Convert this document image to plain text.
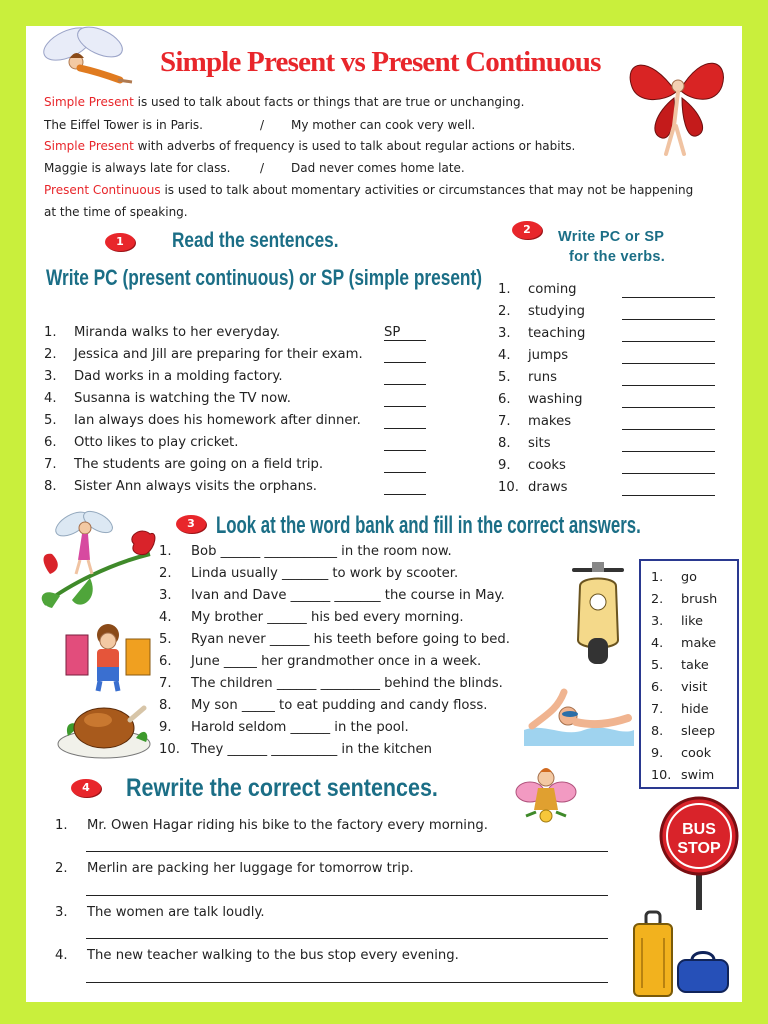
Simple Present vs Present Continuous
Simple Present is used to talk about facts or things that are true or unchanging.
The Eiffel Tower is in Paris.	/ My mother can cook very well.
Simple Present with adverbs of frequency is used to talk about regular actions or habits.
Maggie is always late for class. / Dad never comes home late.
Present Continuous is used to talk about momentary activities or circumstances that may not be happening
at the time of speaking.
1	Read the sentences.
Write PC (present continuous) or SP (simple present)
1. Miranda walks to her everyday.	SP
2. Jessica and Jill are preparing for their exam.
3. Dad works in a molding factory.
4. Susanna is watching the TV now.
5. Ian always does his homework after dinner.
6. Otto likes to play cricket.
7. The students are going on a field trip.
8. Sister Ann always visits the orphans.
2	Write PC or SP
for the verbs.
1. coming
2. studying
3. teaching
4. jumps
5. runs
6. washing
7. makes
8. sits
9. cooks
10. draws
3 Look at the word bank and fill in the correct answers.
1. Bob ______ ___________ in the room now.
2. Linda usually _______ to work by scooter.
3. Ivan and Dave ______ _______ the course in May.
4. My brother ______ his bed every morning.
5. Ryan never ______ his teeth before going to bed.
6. June _____ her grandmother once in a week.
7. The children ______ _________ behind the blinds.
8. My son _____ to eat pudding and candy floss.
9. Harold seldom ______ in the pool.
10. They ______ __________ in the kitchen
1. go
2. brush
3. like
4. make
5. take
6. visit
7. hide
8. sleep
9. cook
10. swim
4	Rewrite the correct sentences.
1. Mr. Owen Hagar riding his bike to the factory every morning.
2. Merlin are packing her luggage for tomorrow trip.
3. The women are talk loudly.
4. The new teacher walking to the bus stop every evening.
BUS
STOP
